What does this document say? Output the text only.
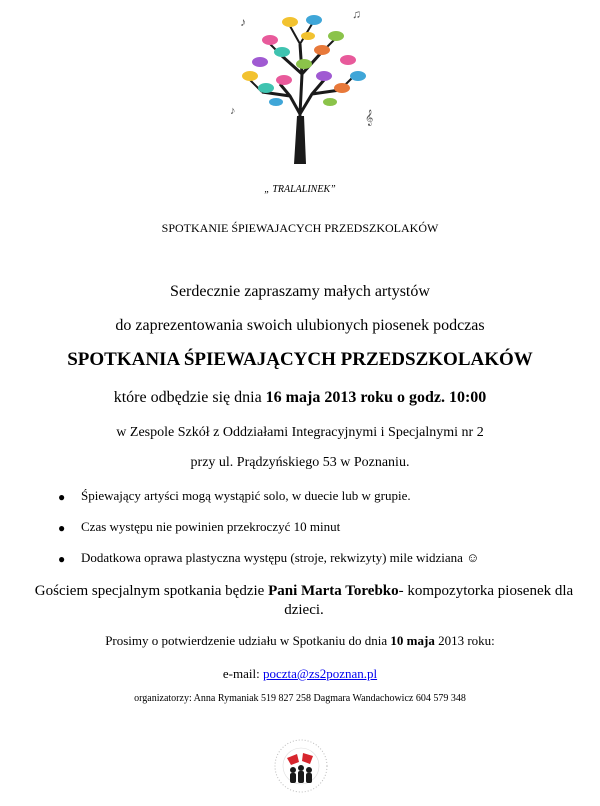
♪
♫
𝄞
♪
„ TRALALINEK”
SPOTKANIE ŚPIEWAJACYCH PRZEDSZKOLAKÓW
Serdecznie zapraszamy małych artystów
do zaprezentowania swoich ulubionych piosenek podczas
SPOTKANIA ŚPIEWAJĄCYCH PRZEDSZKOLAKÓW
które odbędzie się dnia 16 maja 2013 roku o godz. 10:00
w Zespole Szkół z Oddziałami Integracyjnymi i Specjalnymi nr 2
przy ul. Prądzyńskiego 53 w Poznaniu.
● Śpiewający artyści mogą wystąpić solo, w duecie lub w grupie.
● Czas występu nie powinien przekroczyć 10 minut
● Dodatkowa oprawa plastyczna występu (stroje, rekwizyty) mile widziana ☺
Gościem specjalnym spotkania będzie Pani Marta Torebko- kompozytorka piosenek dla dzieci.
Prosimy o potwierdzenie udziału w Spotkaniu do dnia 10 maja 2013 roku:
e-mail: poczta@zs2poznan.pl
organizatorzy: Anna Rymaniak 519 827 258 Dagmara Wandachowicz 604 579 348
